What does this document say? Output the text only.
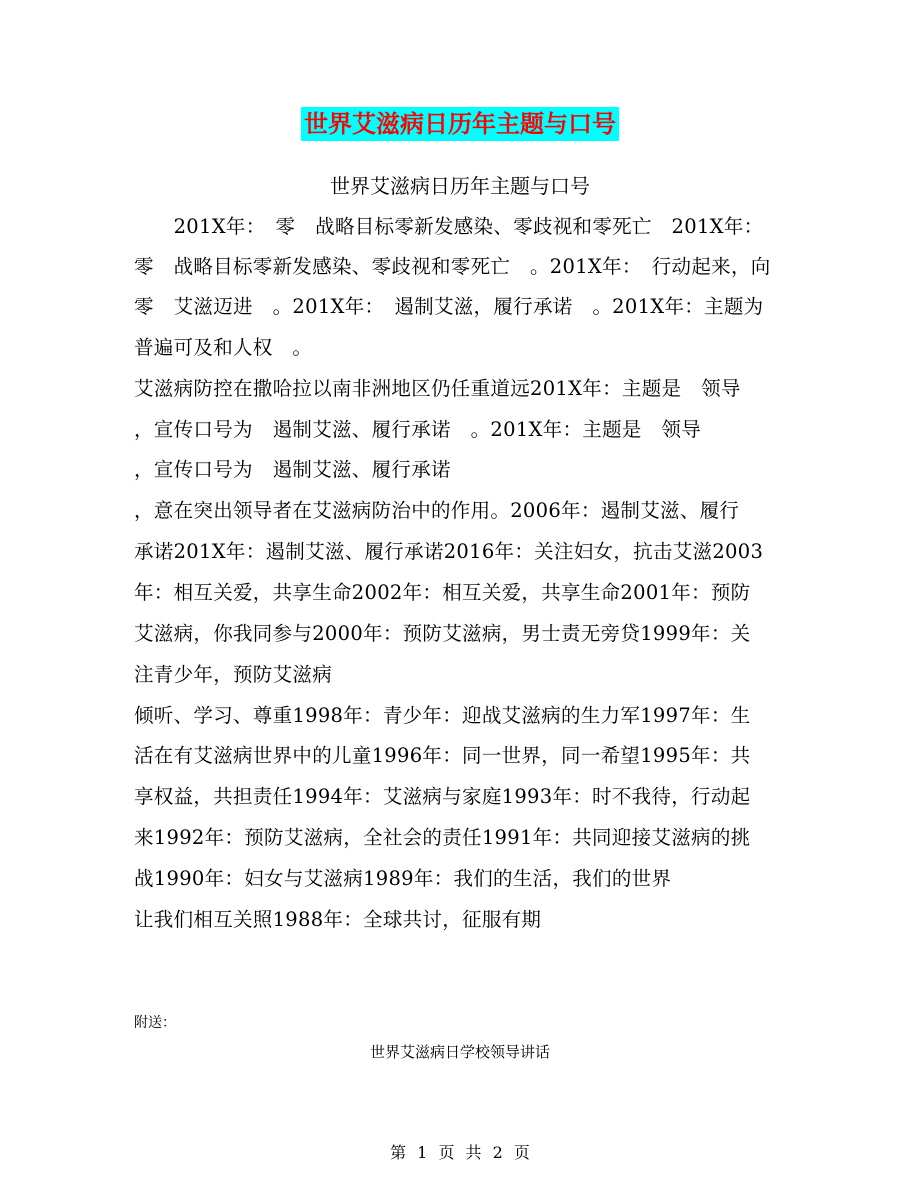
世界艾滋病日历年主题与口号
世界艾滋病日历年主题与口号
　　201X年：　零　战略目标零新发感染、零歧视和零死亡　201X年：
零　战略目标零新发感染、零歧视和零死亡　。201X年：　行动起来，向
零　艾滋迈进　。201X年：　遏制艾滋，履行承诺　。201X年：主题为
普遍可及和人权　。
艾滋病防控在撒哈拉以南非洲地区仍任重道远201X年：主题是　领导
，宣传口号为　遏制艾滋、履行承诺　。201X年：主题是　领导
，宣传口号为　遏制艾滋、履行承诺
，意在突出领导者在艾滋病防治中的作用。2006年：遏制艾滋、履行
承诺201X年：遏制艾滋、履行承诺2016年：关注妇女，抗击艾滋2003
年：相互关爱，共享生命2002年：相互关爱，共享生命2001年：预防
艾滋病，你我同参与2000年：预防艾滋病，男士责无旁贷1999年：关
注青少年，预防艾滋病
倾听、学习、尊重1998年：青少年：迎战艾滋病的生力军1997年：生
活在有艾滋病世界中的儿童1996年：同一世界，同一希望1995年：共
享权益，共担责任1994年：艾滋病与家庭1993年：时不我待，行动起
来1992年：预防艾滋病，全社会的责任1991年：共同迎接艾滋病的挑
战1990年：妇女与艾滋病1989年：我们的生活，我们的世界
让我们相互关照1988年：全球共讨，征服有期
附送：
世界艾滋病日学校领导讲话
第 1 页 共 2 页
